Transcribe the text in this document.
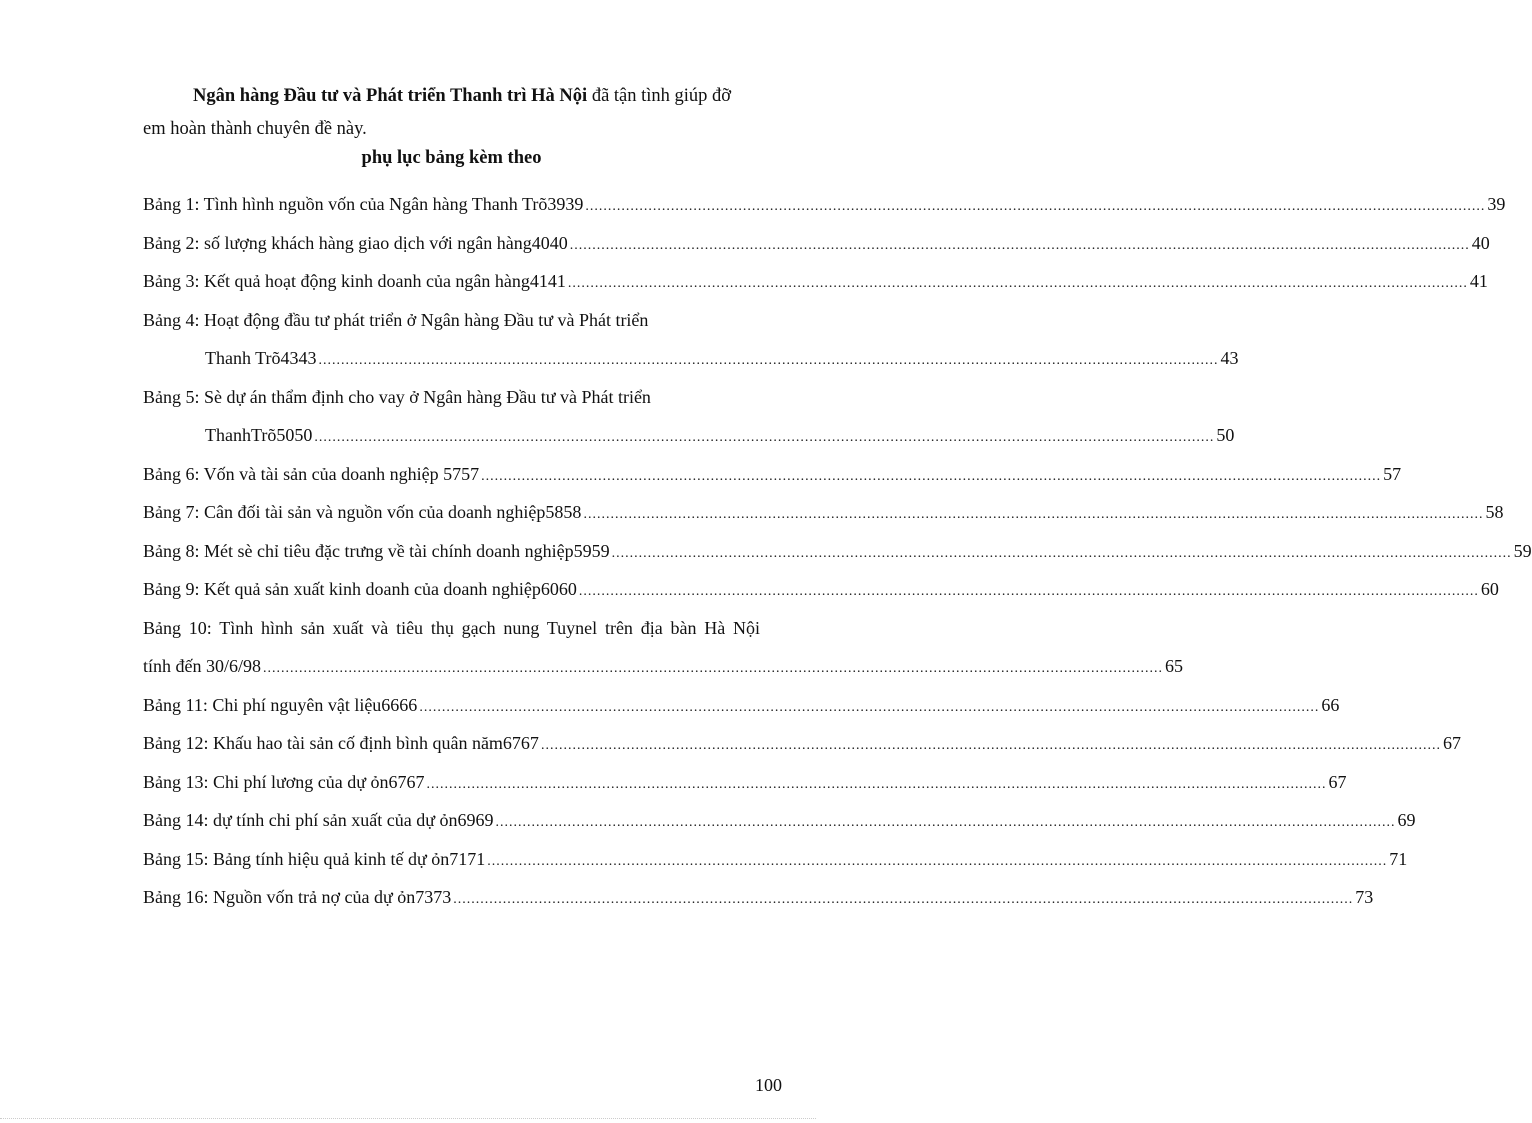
Ngân hàng Đầu tư và Phát triển Thanh trì Hà Nội đã tận tình giúp đỡ
em hoàn thành chuyên đề này.
phụ lục bảng kèm theo
Bảng 1: Tình hình nguồn vốn của Ngân hàng Thanh Trõ3939 ........................................................................................................................................................................................................ 39
Bảng 2: số lượng khách hàng giao dịch với ngân hàng4040 ........................................................................................................................................................................................................ 40
Bảng 3: Kết quả hoạt động kinh doanh của ngân hàng4141 ........................................................................................................................................................................................................ 41
Bảng 4: Hoạt động đầu tư phát triển ở Ngân hàng Đầu tư và Phát triển
Thanh Trõ4343 ........................................................................................................................................................................................................ 43
Bảng 5: Sè dự án thẩm định cho vay ở Ngân hàng Đầu tư và Phát triển
ThanhTrõ5050 ........................................................................................................................................................................................................ 50
Bảng 6: Vốn và tài sản của doanh nghiệp 5757 ........................................................................................................................................................................................................ 57
Bảng 7: Cân đối tài sản và nguồn vốn của doanh nghiệp5858 ........................................................................................................................................................................................................ 58
Bảng 8: Mét sè chỉ tiêu đặc trưng về tài chính doanh nghiệp5959 ........................................................................................................................................................................................................ 59
Bảng 9: Kết quả sản xuất kinh doanh của doanh nghiệp6060 ........................................................................................................................................................................................................ 60
Bảng 10: Tình hình sản xuất và tiêu thụ gạch nung Tuynel trên địa bàn Hà Nội
tính đến 30/6/98 ........................................................................................................................................................................................................ 65
Bảng 11: Chi phí nguyên vật liệu6666 ........................................................................................................................................................................................................ 66
Bảng 12: Khấu hao tài sản cố định bình quân năm6767 ........................................................................................................................................................................................................ 67
Bảng 13: Chi phí lương của dự ỏn6767 ........................................................................................................................................................................................................ 67
Bảng 14: dự tính chi phí sản xuất của dự ỏn6969 ........................................................................................................................................................................................................ 69
Bảng 15: Bảng tính hiệu quả kinh tế dự ỏn7171 ........................................................................................................................................................................................................ 71
Bảng 16: Nguồn vốn trả nợ của dự ỏn7373 ........................................................................................................................................................................................................ 73
100
